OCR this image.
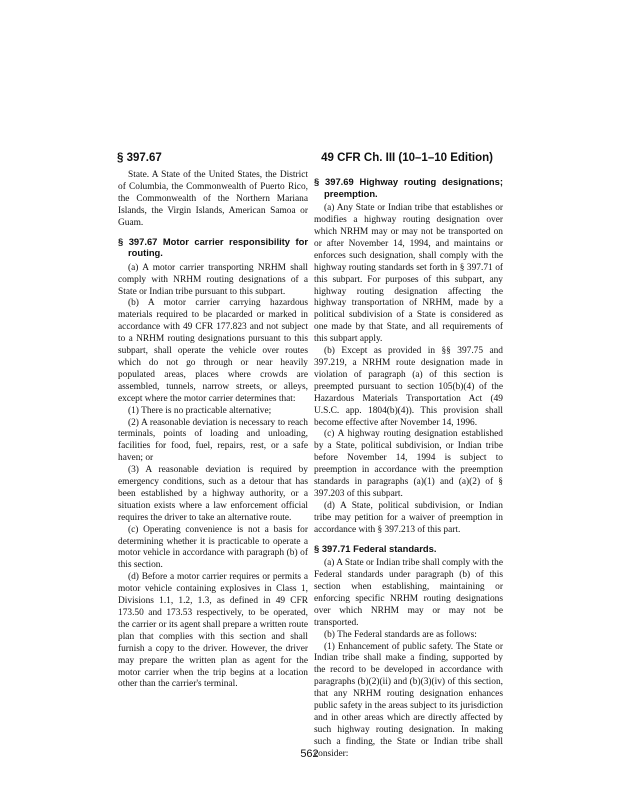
§ 397.67	49 CFR Ch. III (10–1–10 Edition)

State. A State of the United States, the District of Columbia, the Commonwealth of Puerto Rico, the Commonwealth of the Northern Mariana Islands, the Virgin Islands, American Samoa or Guam.

§ 397.67 Motor carrier responsibility for routing.

(a) A motor carrier transporting NRHM shall comply with NRHM routing designations of a State or Indian tribe pursuant to this subpart.

(b) A motor carrier carrying hazardous materials required to be placarded or marked in accordance with 49 CFR 177.823 and not subject to a NRHM routing designations pursuant to this subpart, shall operate the vehicle over routes which do not go through or near heavily populated areas, places where crowds are assembled, tunnels, narrow streets, or alleys, except where the motor carrier determines that:

(1) There is no practicable alternative;

(2) A reasonable deviation is necessary to reach terminals, points of loading and unloading, facilities for food, fuel, repairs, rest, or a safe haven; or

(3) A reasonable deviation is required by emergency conditions, such as a detour that has been established by a highway authority, or a situation exists where a law enforcement official requires the driver to take an alternative route.

(c) Operating convenience is not a basis for determining whether it is practicable to operate a motor vehicle in accordance with paragraph (b) of this section.

(d) Before a motor carrier requires or permits a motor vehicle containing explosives in Class 1, Divisions 1.1, 1.2, 1.3, as defined in 49 CFR 173.50 and 173.53 respectively, to be operated, the carrier or its agent shall prepare a written route plan that complies with this section and shall furnish a copy to the driver. However, the driver may prepare the written plan as agent for the motor carrier when the trip begins at a location other than the carrier's terminal.

§ 397.69 Highway routing designations; preemption.

(a) Any State or Indian tribe that establishes or modifies a highway routing designation over which NRHM may or may not be transported on or after November 14, 1994, and maintains or enforces such designation, shall comply with the highway routing standards set forth in § 397.71 of this subpart. For purposes of this subpart, any highway routing designation affecting the highway transportation of NRHM, made by a political subdivision of a State is considered as one made by that State, and all requirements of this subpart apply.

(b) Except as provided in §§ 397.75 and 397.219, a NRHM route designation made in violation of paragraph (a) of this section is preempted pursuant to section 105(b)(4) of the Hazardous Materials Transportation Act (49 U.S.C. app. 1804(b)(4)). This provision shall become effective after November 14, 1996.

(c) A highway routing designation established by a State, political subdivision, or Indian tribe before November 14, 1994 is subject to preemption in accordance with the preemption standards in paragraphs (a)(1) and (a)(2) of § 397.203 of this subpart.

(d) A State, political subdivision, or Indian tribe may petition for a waiver of preemption in accordance with § 397.213 of this part.

§ 397.71 Federal standards.

(a) A State or Indian tribe shall comply with the Federal standards under paragraph (b) of this section when establishing, maintaining or enforcing specific NRHM routing designations over which NRHM may or may not be transported.

(b) The Federal standards are as follows:

(1) Enhancement of public safety. The State or Indian tribe shall make a finding, supported by the record to be developed in accordance with paragraphs (b)(2)(ii) and (b)(3)(iv) of this section, that any NRHM routing designation enhances public safety in the areas subject to its jurisdiction and in other areas which are directly affected by such highway routing designation. In making such a finding, the State or Indian tribe shall consider:

562
